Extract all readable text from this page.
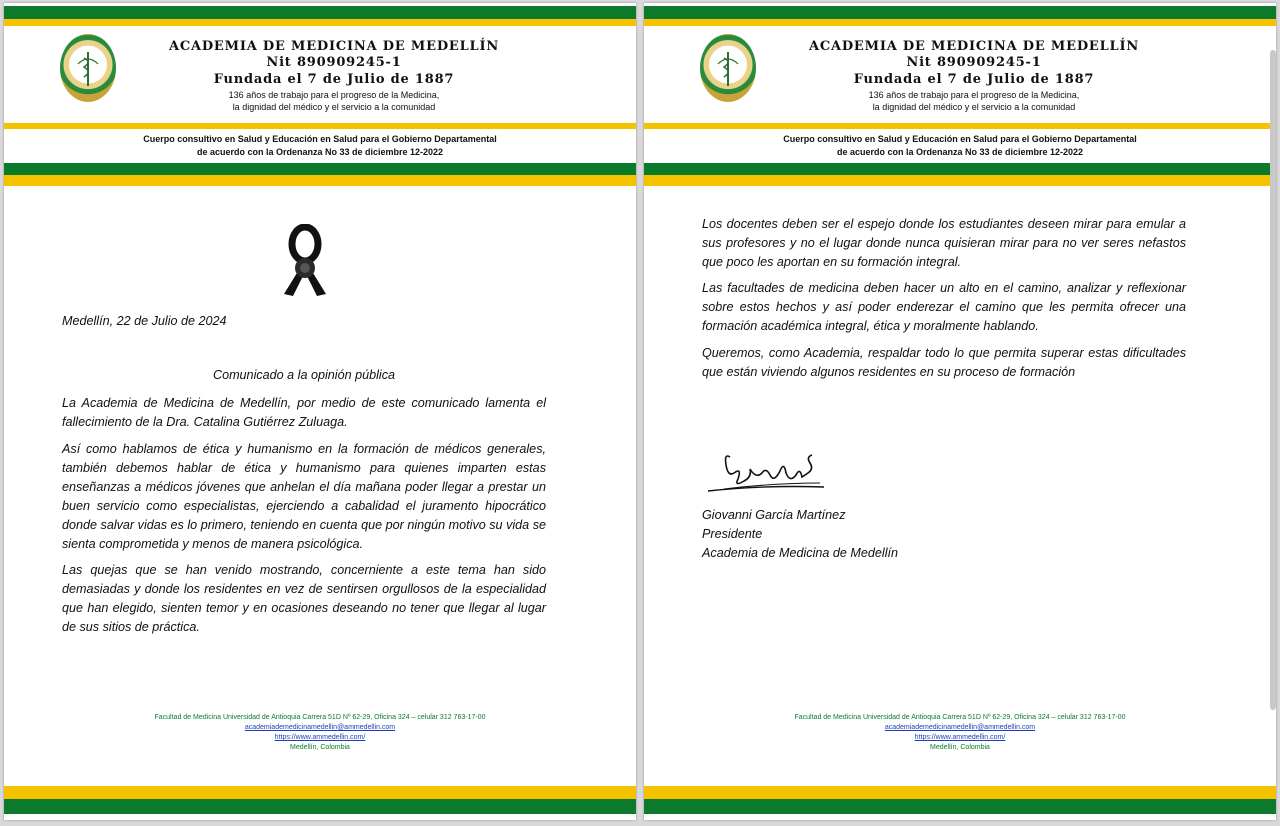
ACADEMIA DE MEDICINA DE MEDELLÍN
Nit 890909245-1
Fundada el 7 de Julio de 1887
136 años de trabajo para el progreso de la Medicina,
la dignidad del médico y el servicio a la comunidad
Cuerpo consultivo en Salud y Educación en Salud para el Gobierno Departamental
de acuerdo con la Ordenanza No 33 de diciembre 12-2022

Medellín, 22 de Julio de 2024

Comunicado a la opinión pública

La Academia de Medicina de Medellín, por medio de este comunicado lamenta el fallecimiento de la Dra. Catalina Gutiérrez Zuluaga.

Así como hablamos de ética y humanismo en la formación de médicos generales, también debemos hablar de ética y humanismo para quienes imparten estas enseñanzas a médicos jóvenes que anhelan el día mañana poder llegar a prestar un buen servicio como especialistas, ejerciendo a cabalidad el juramento hipocrático donde salvar vidas es lo primero, teniendo en cuenta que por ningún motivo su vida se sienta comprometida y menos de manera psicológica.

Las quejas que se han venido mostrando, concerniente a este tema han sido demasiadas y donde los residentes en vez de sentirsen orgullosos de la especialidad que han elegido, sienten temor y en ocasiones deseando no tener que llegar al lugar de sus sitios de práctica.

Facultad de Medicina Universidad de Antioquia Carrera 51D Nº 62-29, Oficina 324 – celular 312 763-17-00
academiademedicinamedellin@ammedellin.com
https://www.ammedellin.com/
Medellín, Colombia
ACADEMIA DE MEDICINA DE MEDELLÍN
Nit 890909245-1
Fundada el 7 de Julio de 1887
136 años de trabajo para el progreso de la Medicina,
la dignidad del médico y el servicio a la comunidad
Cuerpo consultivo en Salud y Educación en Salud para el Gobierno Departamental
de acuerdo con la Ordenanza No 33 de diciembre 12-2022

Los docentes deben ser el espejo donde los estudiantes deseen mirar para emular a sus profesores y no el lugar donde nunca quisieran mirar para no ver seres nefastos que poco les aportan en su formación integral.

Las facultades de medicina deben hacer un alto en el camino, analizar y reflexionar sobre estos hechos y así poder enderezar el camino que les permita ofrecer una formación académica integral, ética y moralmente hablando.

Queremos, como Academia, respaldar todo lo que permita superar estas dificultades que están viviendo algunos residentes en su proceso de formación

Giovanni García Martínez

Presidente

Academia de Medicina de Medellín

Facultad de Medicina Universidad de Antioquia Carrera 51D Nº 62-29, Oficina 324 – celular 312 763-17-00
academiademedicinamedellin@ammedellin.com
https://www.ammedellin.com/
Medellín, Colombia
